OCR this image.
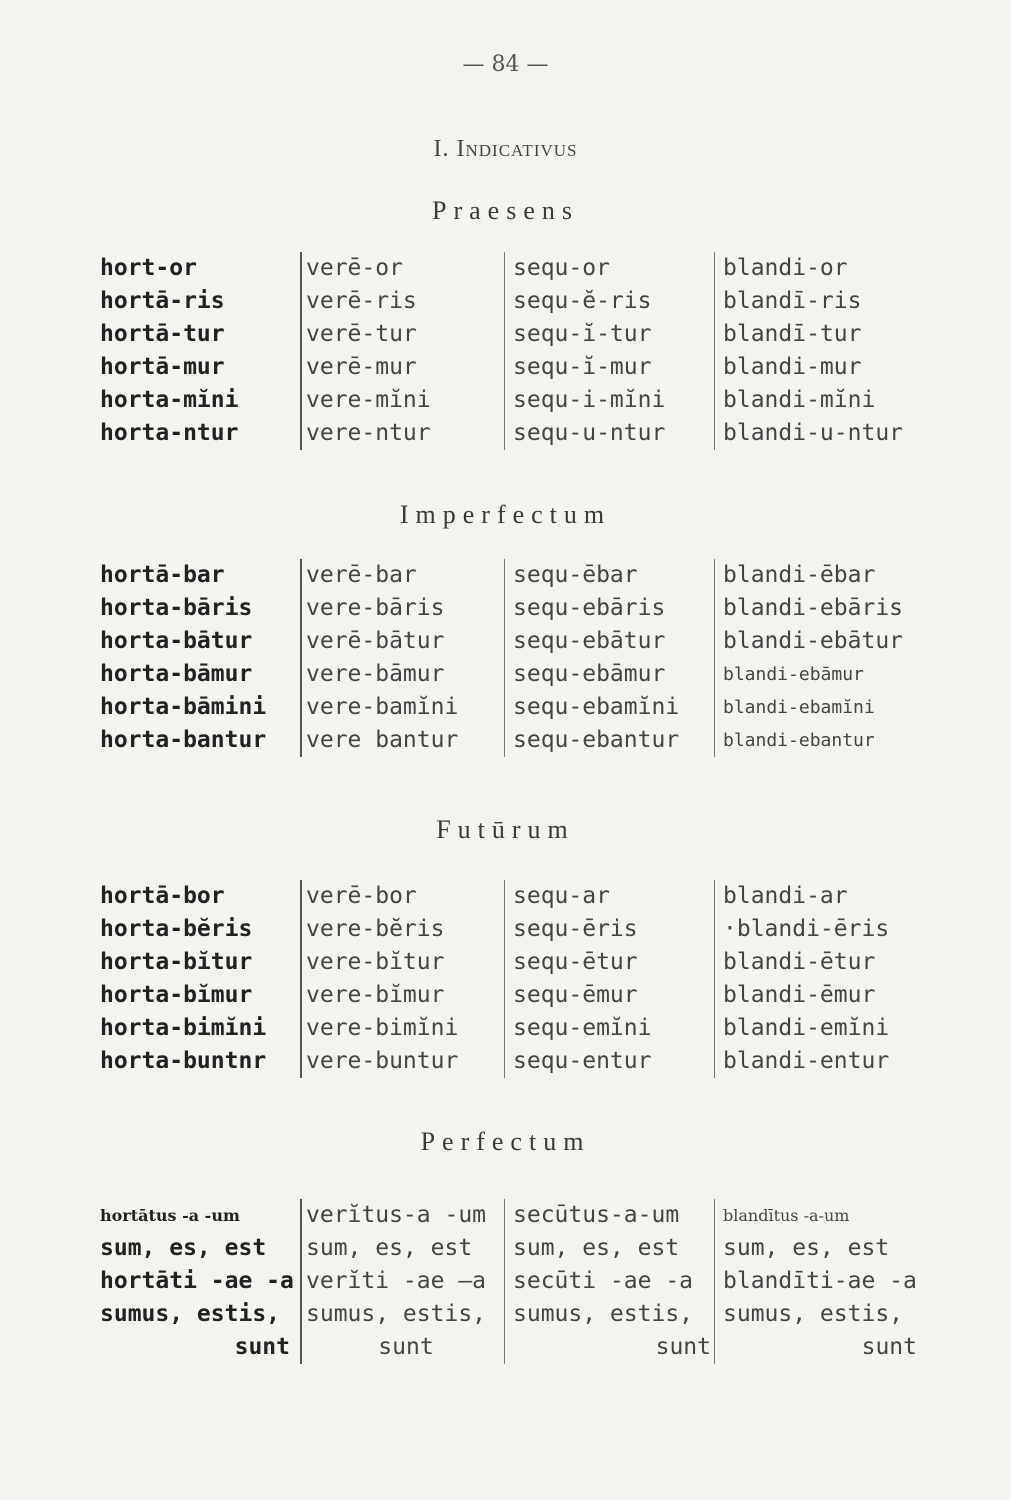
— 84 —
I. Indicativus
Praesens
hort-or
hortā-ris
hortā-tur
hortā-mur
horta-mĭni
horta-ntur
verē-or
verē-ris
verē-tur
verē-mur
vere-mĭni
vere-ntur
sequ-or
sequ-ĕ-ris
sequ-ĭ-tur
sequ-ĭ-mur
sequ-i-mĭni
sequ-u-ntur
blandi-or
blandī-ris
blandī-tur
blandi-mur
blandi-mĭni
blandi-u-ntur
Imperfectum
hortā-bar
horta-bāris
horta-bātur
horta-bāmur
horta-bāmini
horta-bantur
verē-bar
vere-bāris
verē-bātur
vere-bāmur
vere-bamĭni
vere bantur
sequ-ēbar
sequ-ebāris
sequ-ebātur
sequ-ebāmur
sequ-ebamĭni
sequ-ebantur
blandi-ēbar
blandi-ebāris
blandi-ebātur
blandi-ebāmur
blandi-ebamĭni
blandi-ebantur
Futūrum
hortā-bor
horta-bĕris
horta-bĭtur
horta-bĭmur
horta-bimĭni
horta-buntnr
verē-bor
vere-bĕris
vere-bĭtur
vere-bĭmur
vere-bimĭni
vere-buntur
sequ-ar
sequ-ēris
sequ-ētur
sequ-ēmur
sequ-emĭni
sequ-entur
blandi-ar
·blandi-ēris
blandi-ētur
blandi-ēmur
blandi-emĭni
blandi-entur
Perfectum
hortātus -a -um
sum, es, est
hortāti -ae -a
sumus, estis,
sunt
verĭtus-a -um
sum, es, est
verĭti -ae –a
sumus, estis,
sunt
secūtus-a-um
sum, es, est
secūti -ae -a
sumus, estis,
sunt
blandītus -a-um
sum, es, est
blandīti-ae -a
sumus, estis,
sunt
